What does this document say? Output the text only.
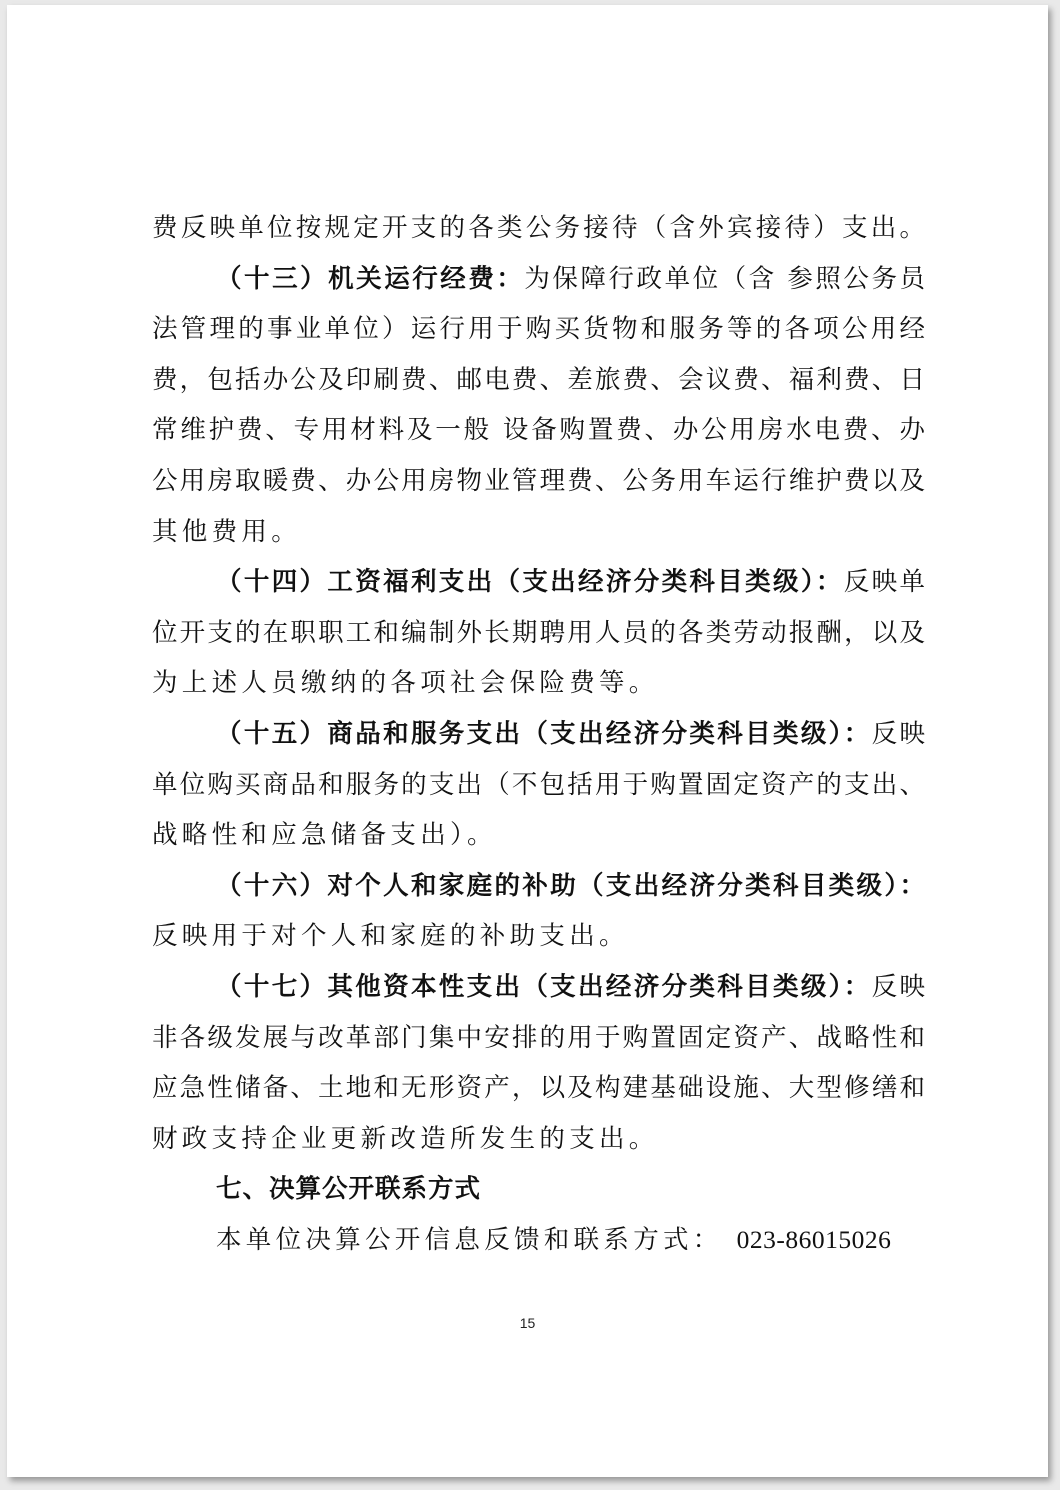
费反映单位按规定开支的各类公务接待（含外宾接待）支出。
（十三）机关运行经费：为保障行政单位（含 参照公务员
法管理的事业单位）运行用于购买货物和服务等的各项公用经
费，包括办公及印刷费、邮电费、差旅费、会议费、福利费、日
常维护费、专用材料及一般 设备购置费、办公用房水电费、办
公用房取暖费、办公用房物业管理费、公务用车运行维护费以及
其他费用。
（十四）工资福利支出（支出经济分类科目类级）：反映单
位开支的在职职工和编制外长期聘用人员的各类劳动报酬，以及
为上述人员缴纳的各项社会保险费等。
（十五）商品和服务支出（支出经济分类科目类级）：反映
单位购买商品和服务的支出（不包括用于购置固定资产的支出、
战略性和应急储备支出）。
（十六）对个人和家庭的补助（支出经济分类科目类级）：
反映用于对个人和家庭的补助支出。
（十七）其他资本性支出（支出经济分类科目类级）：反映
非各级发展与改革部门集中安排的用于购置固定资产、战略性和
应急性储备、土地和无形资产，以及构建基础设施、大型修缮和
财政支持企业更新改造所发生的支出。
七、决算公开联系方式
本单位决算公开信息反馈和联系方式： 023-86015026
15
